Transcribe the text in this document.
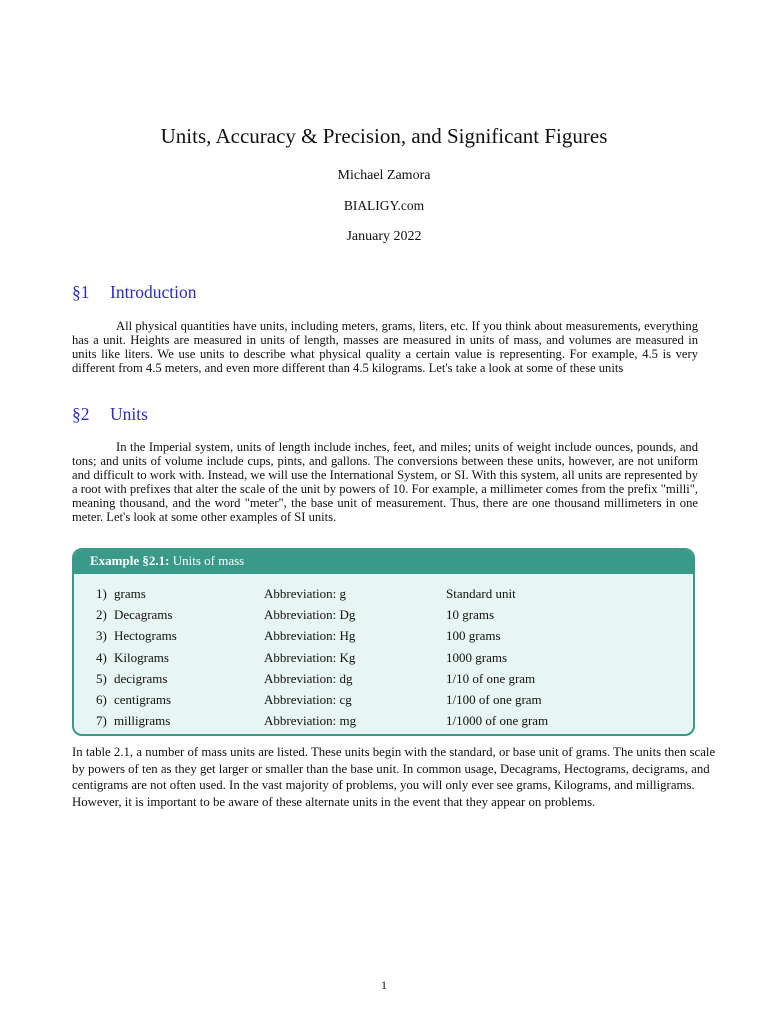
Units, Accuracy & Precision, and Significant Figures
Michael Zamora
BIALIGY.com
January 2022
§1 Introduction
All physical quantities have units, including meters, grams, liters, etc. If you think about measurements, everything has a unit. Heights are measured in units of length, masses are measured in units of mass, and volumes are measured in units like liters. We use units to describe what physical quality a certain value is representing. For example, 4.5 is very different from 4.5 meters, and even more different than 4.5 kilograms. Let's take a look at some of these units
§2 Units
In the Imperial system, units of length include inches, feet, and miles; units of weight include ounces, pounds, and tons; and units of volume include cups, pints, and gallons. The conversions between these units, however, are not uniform and difficult to work with. Instead, we will use the International System, or SI. With this system, all units are represented by a root with prefixes that alter the scale of the unit by powers of 10. For example, a millimeter comes from the prefix "milli", meaning thousand, and the word "meter", the base unit of measurement. Thus, there are one thousand millimeters in one meter. Let's look at some other examples of SI units.
Example §2.1: Units of mass
1) grams	Abbreviation: g	Standard unit
2) Decagrams	Abbreviation: Dg	10 grams
3) Hectograms	Abbreviation: Hg	100 grams
4) Kilograms	Abbreviation: Kg	1000 grams
5) decigrams	Abbreviation: dg	1/10 of one gram
6) centigrams	Abbreviation: cg	1/100 of one gram
7) milligrams	Abbreviation: mg	1/1000 of one gram
In table 2.1, a number of mass units are listed. These units begin with the standard, or base unit of grams. The units then scale by powers of ten as they get larger or smaller than the base unit. In common usage, Decagrams, Hectograms, decigrams, and centigrams are not often used. In the vast majority of problems, you will only ever see grams, Kilograms, and milligrams. However, it is important to be aware of these alternate units in the event that they appear on problems.
1
